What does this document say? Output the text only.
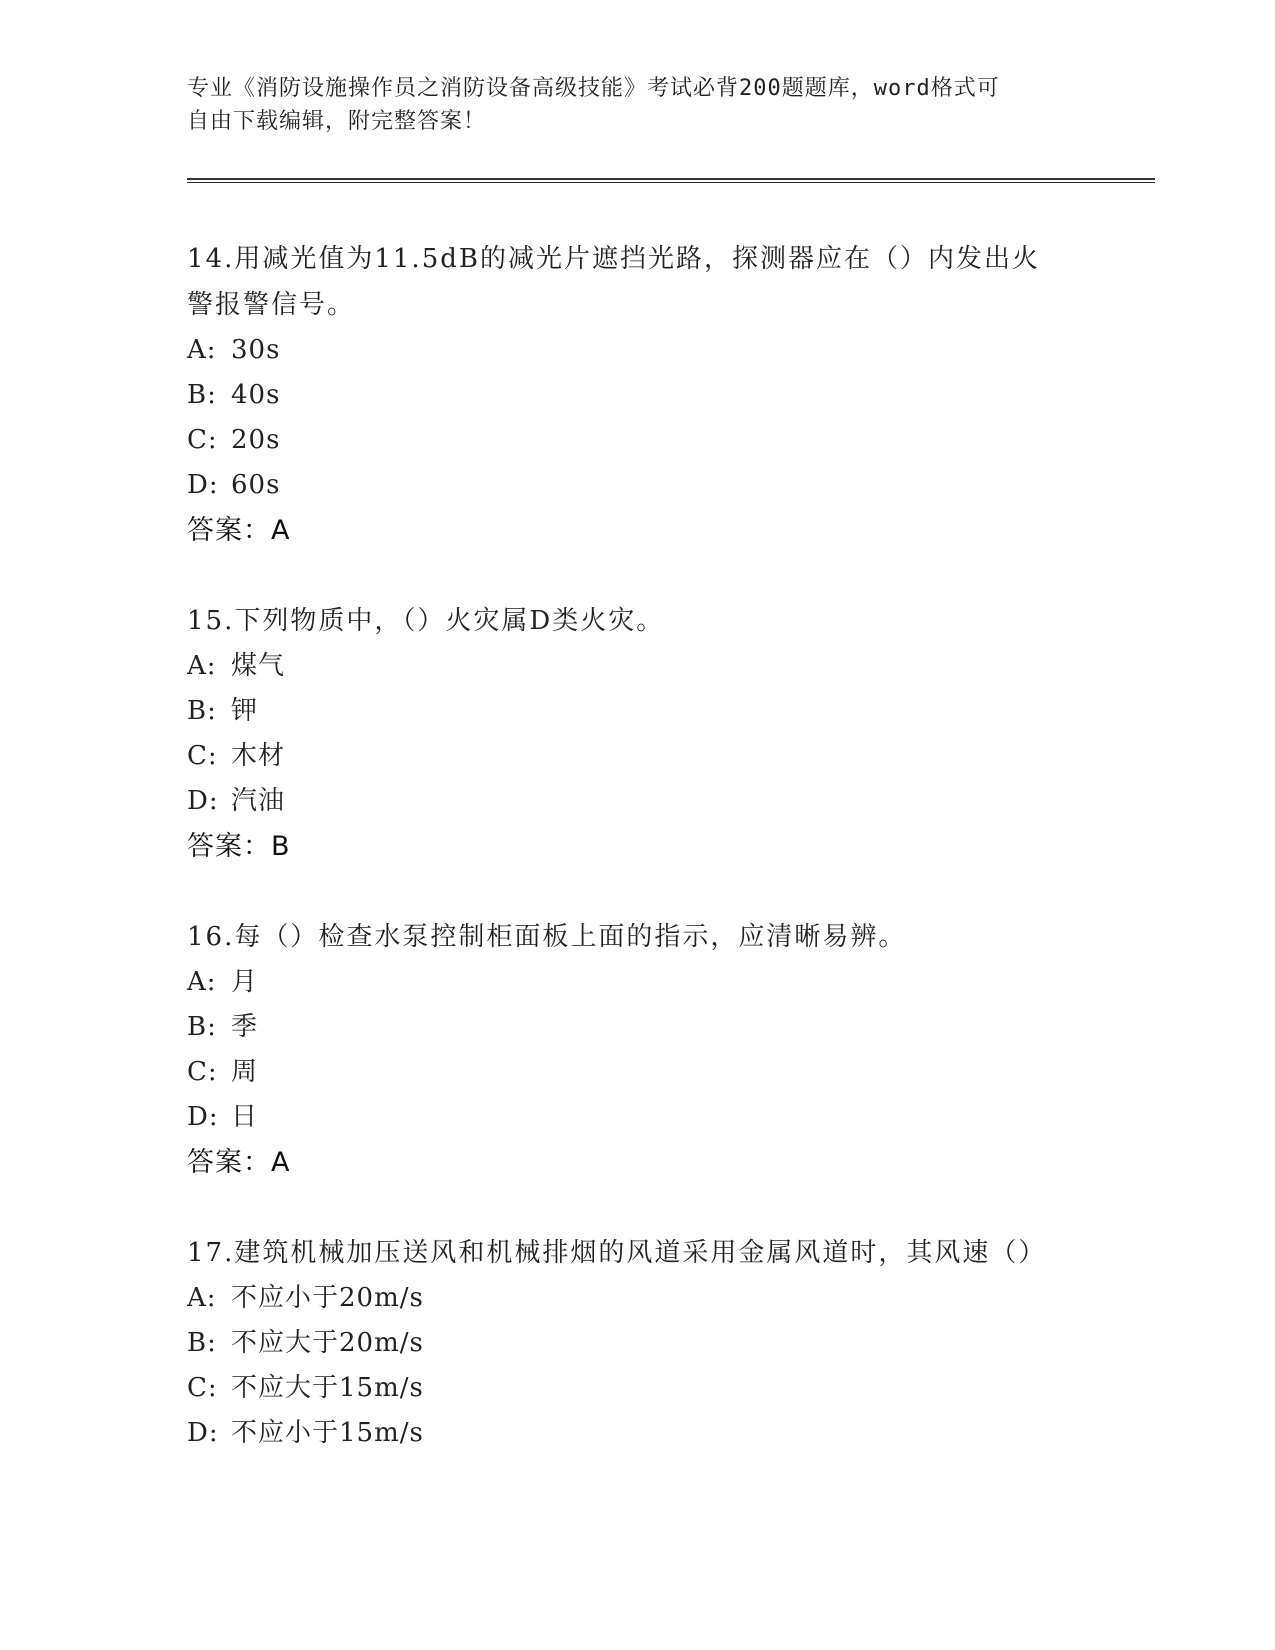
专业《消防设施操作员之消防设备高级技能》考试必背200题题库，word格式可
自由下载编辑，附完整答案！
14.用减光值为11.5dB的减光片遮挡光路，探测器应在（）内发出火
警报警信号。
A: 30s
B: 40s
C: 20s
D: 60s
答案：A
15.下列物质中，（）火灾属D类火灾。
A: 煤气
B: 钾
C: 木材
D: 汽油
答案：B
16.每（）检查水泵控制柜面板上面的指示，应清晰易辨。
A: 月
B: 季
C: 周
D: 日
答案：A
17.建筑机械加压送风和机械排烟的风道采用金属风道时，其风速（）
A: 不应小于20m/s
B: 不应大于20m/s
C: 不应大于15m/s
D: 不应小于15m/s
